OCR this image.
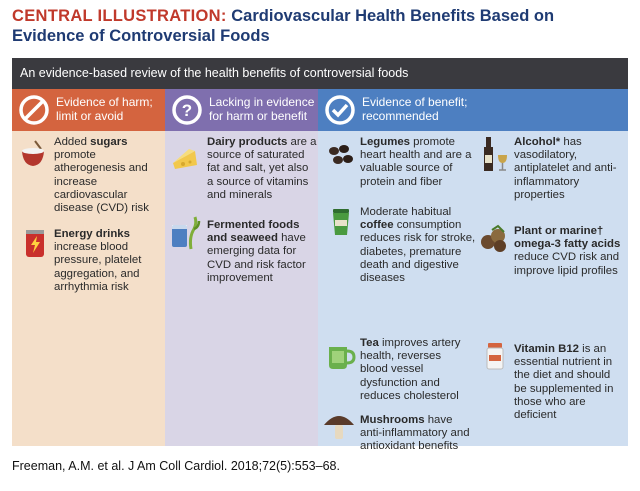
CENTRAL ILLUSTRATION: Cardiovascular Health Benefits Based on Evidence of Controversial Foods
An evidence-based review of the health benefits of controversial foods
Evidence of harm; limit or avoid
Added sugars promote atherogenesis and increase cardiovascular disease (CVD) risk
Energy drinks increase blood pressure, platelet aggregation, and arrhythmia risk
? Lacking in evidence for harm or benefit
Dairy products are a source of saturated fat and salt, yet also a source of vitamins and minerals
Fermented foods and seaweed have emerging data for CVD and risk factor improvement
Evidence of benefit; recommended
Legumes promote heart health and are a valuable source of protein and fiber
Moderate habitual coffee consumption reduces risk for stroke, diabetes, premature death and digestive diseases
Tea improves artery health, reverses blood vessel dysfunction and reduces cholesterol
Mushrooms have anti-inflammatory and antioxidant benefits
Alcohol* has vasodilatory, antiplatelet and anti-inflammatory properties
Plant or marine† omega-3 fatty acids reduce CVD risk and improve lipid profiles
Vitamin B12 is an essential nutrient in the diet and should be supplemented in those who are deficient
Freeman, A.M. et al. J Am Coll Cardiol. 2018;72(5):553–68.
